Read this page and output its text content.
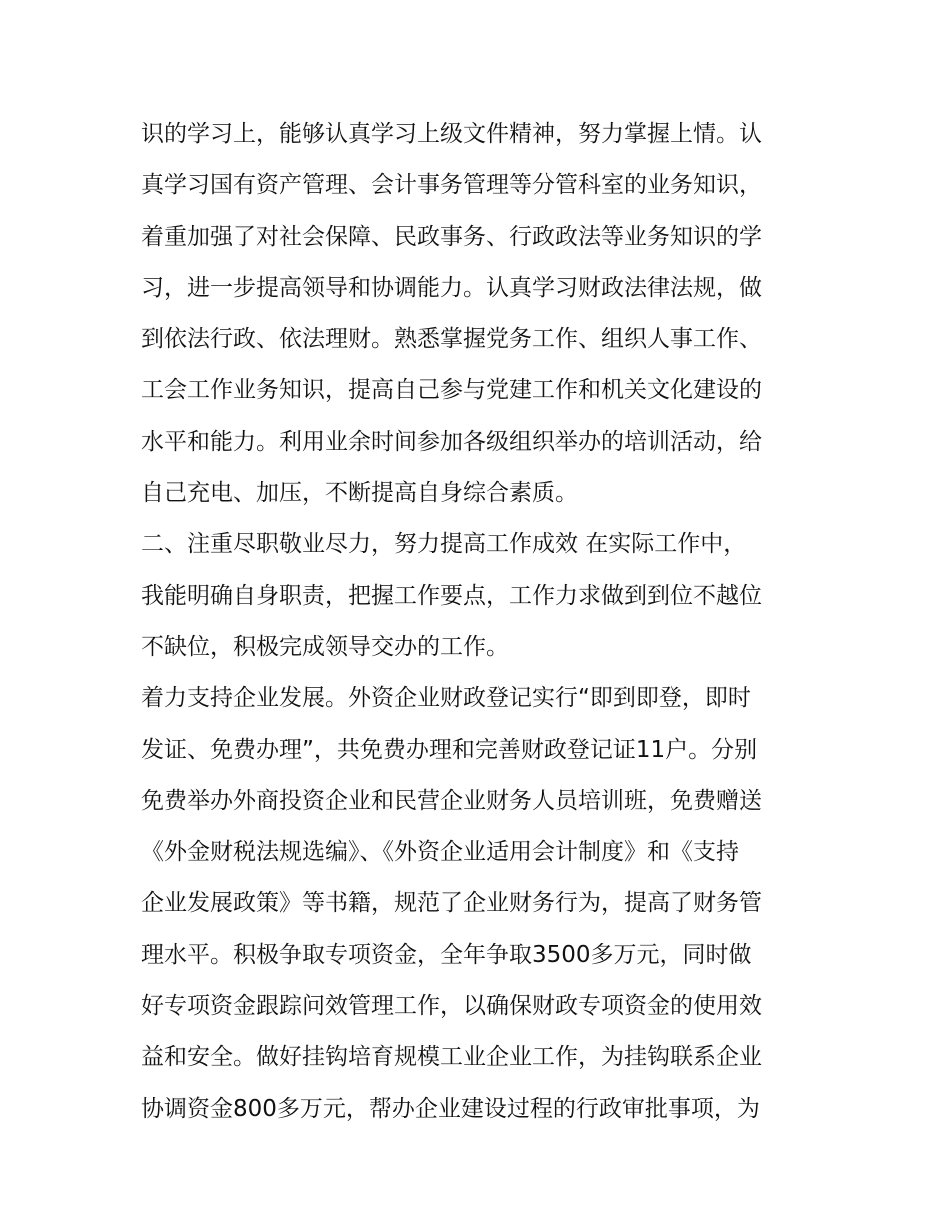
识的学习上，能够认真学习上级文件精神，努力掌握上情。认
真学习国有资产管理、会计事务管理等分管科室的业务知识，
着重加强了对社会保障、民政事务、行政政法等业务知识的学
习，进一步提高领导和协调能力。认真学习财政法律法规，做
到依法行政、依法理财。熟悉掌握党务工作、组织人事工作、
工会工作业务知识，提高自己参与党建工作和机关文化建设的
水平和能力。利用业余时间参加各级组织举办的培训活动，给
自己充电、加压，不断提高自身综合素质。
二、注重尽职敬业尽力，努力提高工作成效 在实际工作中，
我能明确自身职责，把握工作要点，工作力求做到到位不越位
不缺位，积极完成领导交办的工作。
着力支持企业发展。外资企业财政登记实行“即到即登，即时
发证、免费办理”，共免费办理和完善财政登记证11户。分别
免费举办外商投资企业和民营企业财务人员培训班，免费赠送
《外金财税法规选编》、《外资企业适用会计制度》和《支持
企业发展政策》等书籍，规范了企业财务行为，提高了财务管
理水平。积极争取专项资金，全年争取3500多万元，同时做
好专项资金跟踪问效管理工作，以确保财政专项资金的使用效
益和安全。做好挂钩培育规模工业企业工作，为挂钩联系企业
协调资金800多万元，帮办企业建设过程的行政审批事项，为
